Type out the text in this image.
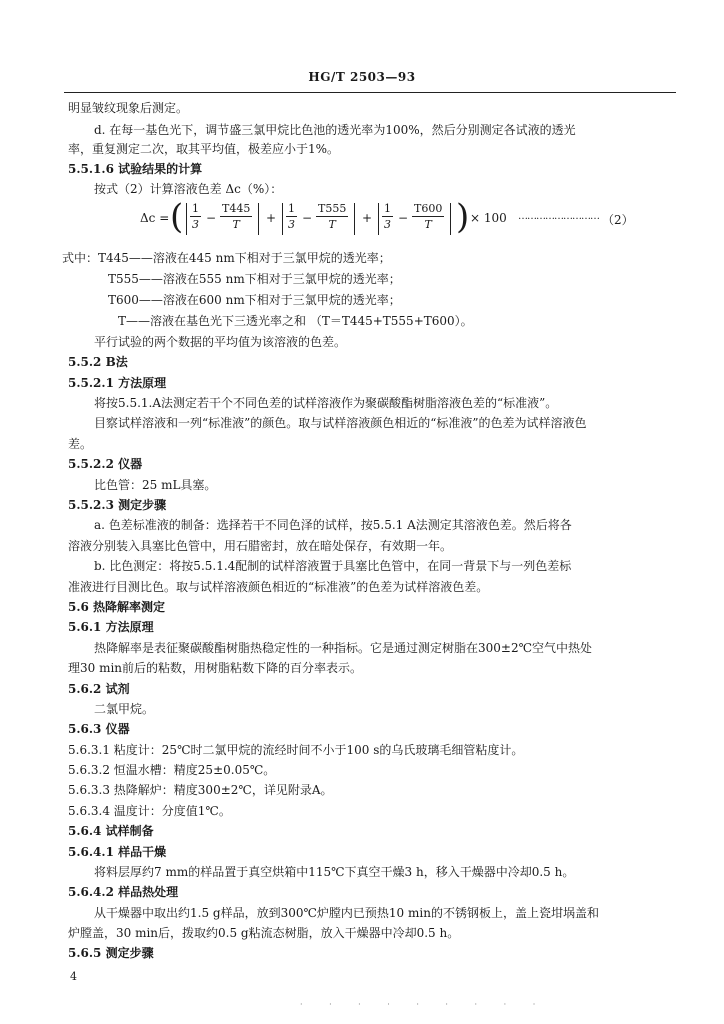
HG/T 2503—93
明显皱纹现象后测定。
d. 在每一基色光下，调节盛三氯甲烷比色池的透光率为100%，然后分别测定各试液的透光
率，重复测定二次，取其平均值，极差应小于1%。
5.5.1.6 试验结果的计算
按式（2）计算溶液色差 Δc（%）：
Δc = ( $\frac{1}{3} - \frac{T445}{T} + \frac{1}{3} - \frac{T555}{T} + \frac{1}{3} - \frac{T600}{T}$ ) × 100 ……………………… （2）
式中：T445——溶液在445 nm下相对于三氯甲烷的透光率；
T555——溶液在555 nm下相对于三氯甲烷的透光率；
T600——溶液在600 nm下相对于三氯甲烷的透光率；
T——溶液在基色光下三透光率之和 （T＝T445+T555+T600）。
平行试验的两个数据的平均值为该溶液的色差。
5.5.2 B法
5.5.2.1 方法原理
将按5.5.1.A法测定若干个不同色差的试样溶液作为聚碳酸酯树脂溶液色差的“标准液”。
目察试样溶液和一列“标准液”的颜色。取与试样溶液颜色相近的“标准液”的色差为试样溶液色
差。
5.5.2.2 仪器
比色管：25 mL具塞。
5.5.2.3 测定步骤
a. 色差标准液的制备：选择若干不同色泽的试样，按5.5.1 A法测定其溶液色差。然后将各
溶液分别装入具塞比色管中，用石腊密封，放在暗处保存，有效期一年。
b. 比色测定：将按5.5.1.4配制的试样溶液置于具塞比色管中，在同一背景下与一列色差标
准液进行目测比色。取与试样溶液颜色相近的“标准液”的色差为试样溶液色差。
5.6 热降解率测定
5.6.1 方法原理
热降解率是表征聚碳酸酯树脂热稳定性的一种指标。它是通过测定树脂在300±2℃空气中热处
理30 min前后的粘数，用树脂粘数下降的百分率表示。
5.6.2 试剂
二氯甲烷。
5.6.3 仪器
5.6.3.1 粘度计：25℃时二氯甲烷的流经时间不小于100 s的乌氏玻璃毛细管粘度计。
5.6.3.2 恒温水槽：精度25±0.05℃。
5.6.3.3 热降解炉：精度300±2℃，详见附录A。
5.6.3.4 温度计：分度值1℃。
5.6.4 试样制备
5.6.4.1 样品干燥
将料层厚约7 mm的样品置于真空烘箱中115℃下真空干燥3 h，移入干燥器中冷却0.5 h。
5.6.4.2 样品热处理
从干燥器中取出约1.5 g样品，放到300℃炉膛内已预热10 min的不锈钢板上，盖上瓷坩埚盖和
炉膛盖，30 min后，拨取约0.5 g粘流态树脂，放入干燥器中冷却0.5 h。
5.6.5 测定步骤
4
· · · · · · · · ·
